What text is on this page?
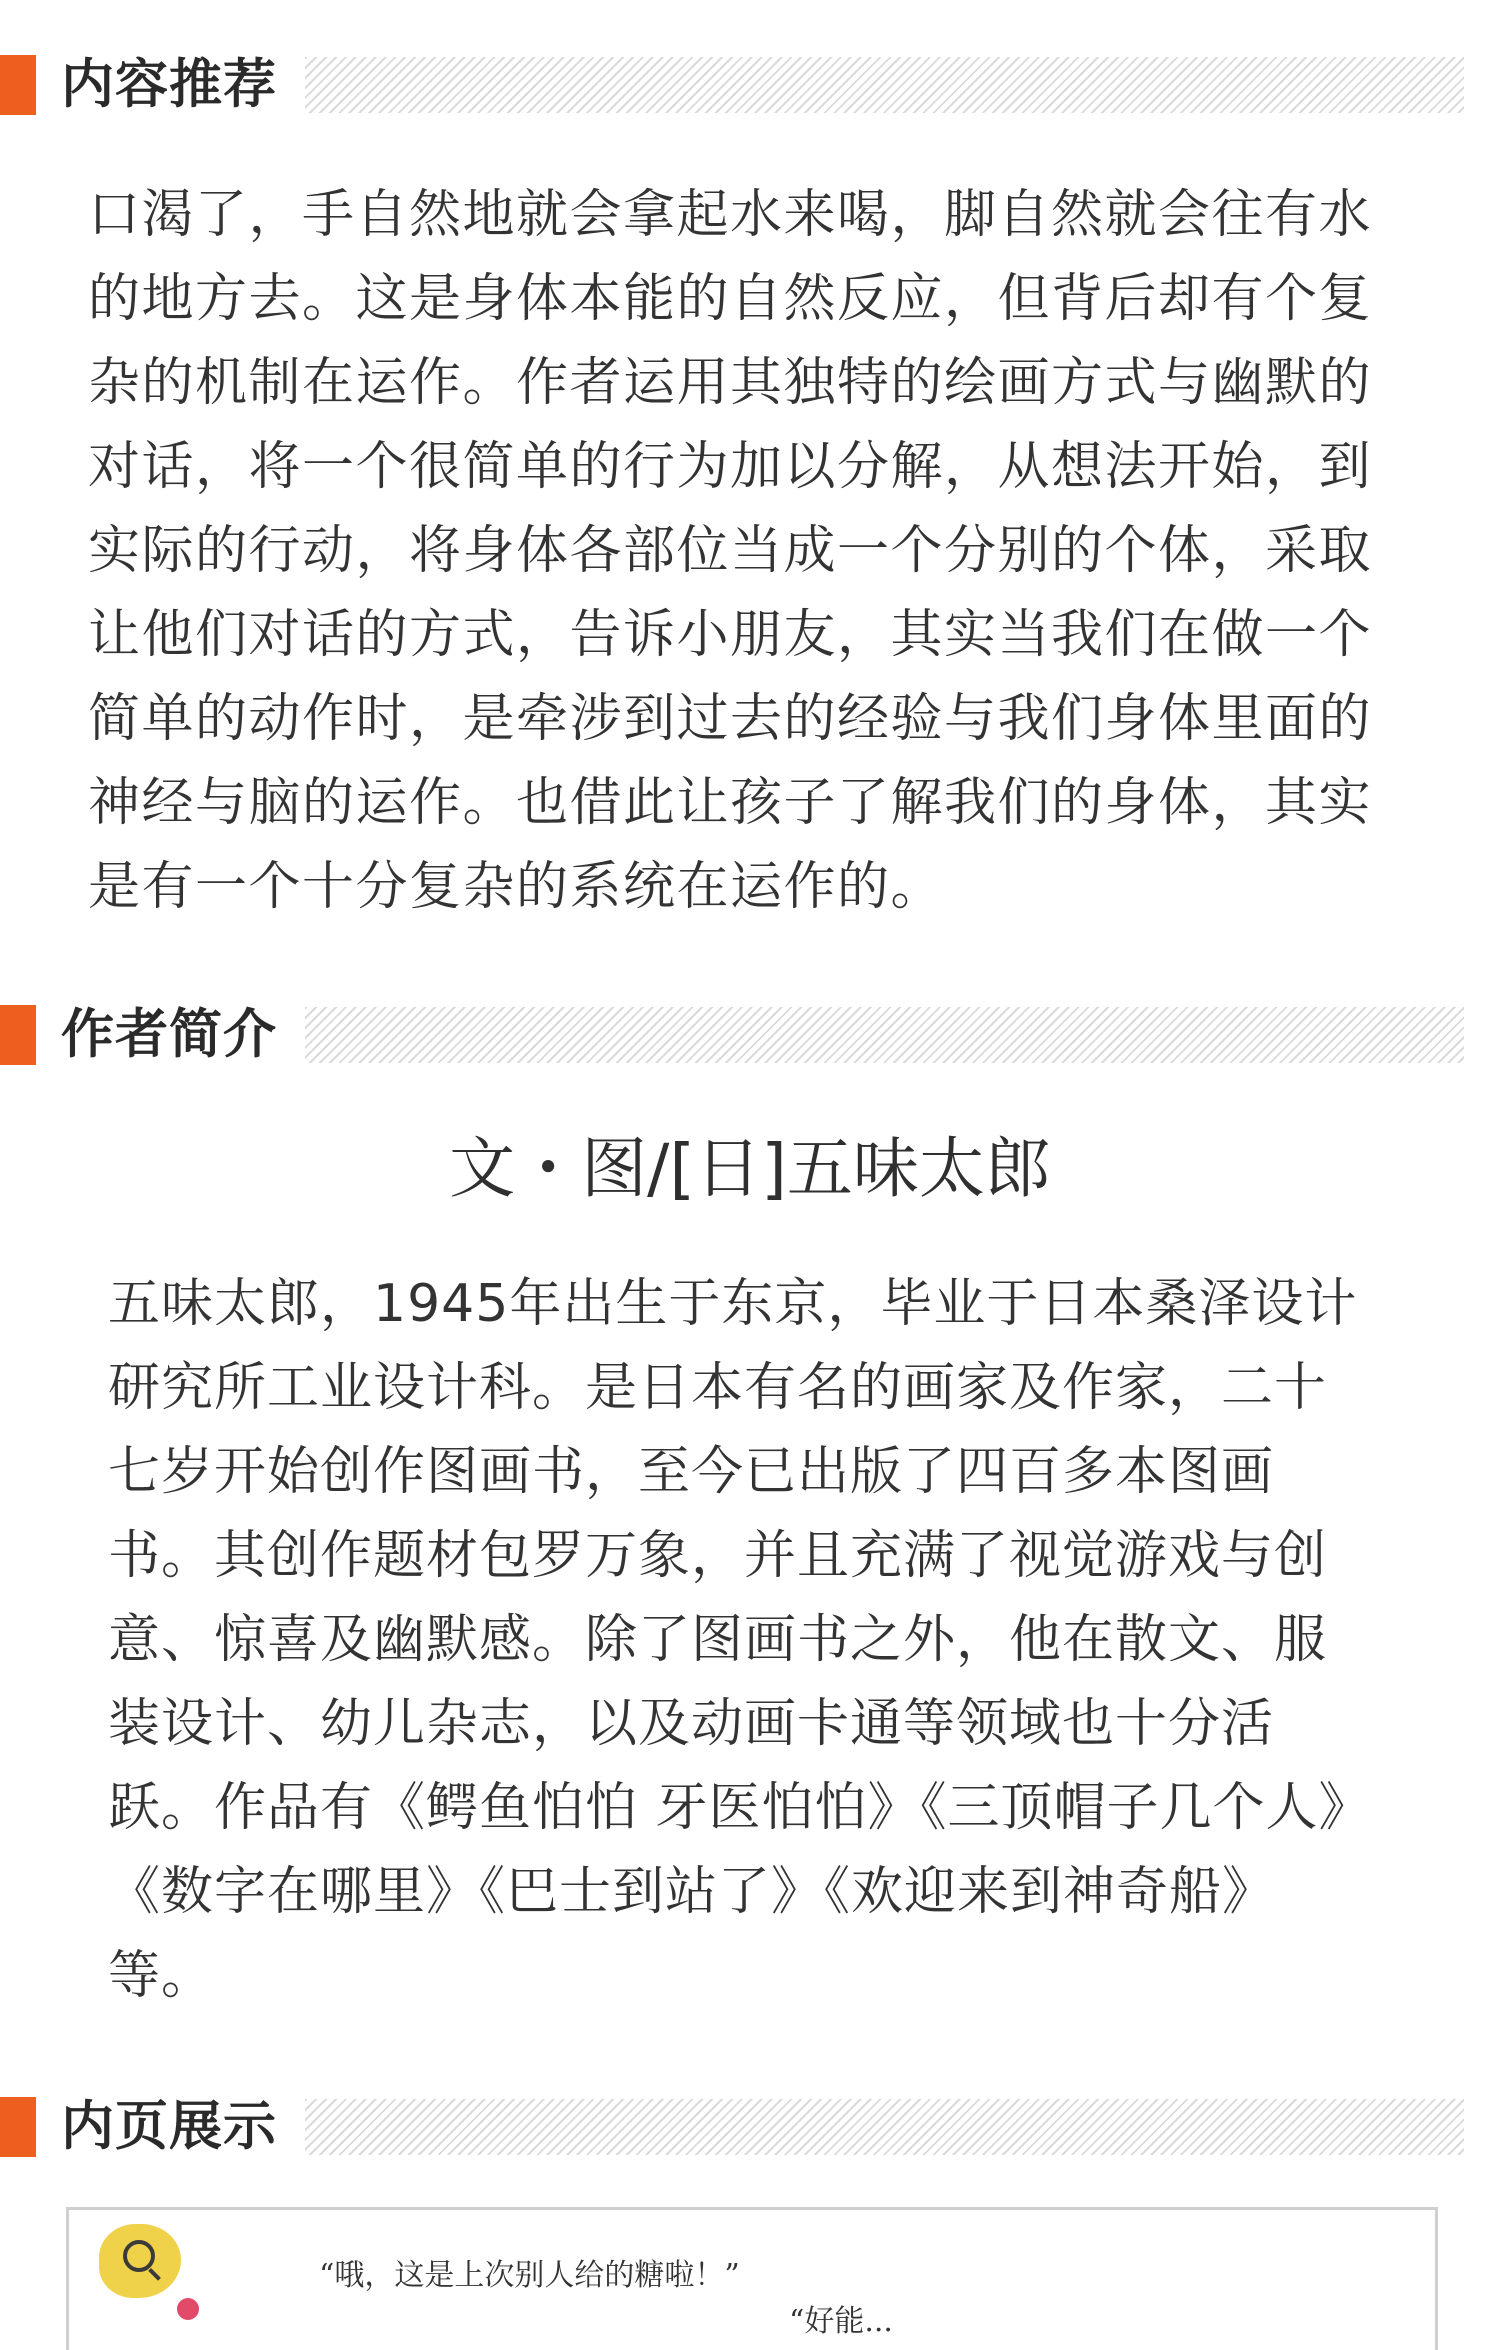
内容推荐

口渴了，手自然地就会拿起水来喝，脚自然就会往有水的地方去。这是身体本能的自然反应，但背后却有个复杂的机制在运作。作者运用其独特的绘画方式与幽默的对话，将一个很简单的行为加以分解，从想法开始，到实际的行动，将身体各部位当成一个分别的个体，采取让他们对话的方式，告诉小朋友，其实当我们在做一个简单的动作时，是牵涉到过去的经验与我们身体里面的神经与脑的运作。也借此让孩子了解我们的身体，其实是有一个十分复杂的系统在运作的。

作者简介
文・图/[日]五味太郎

五味太郎，1945年出生于东京，毕业于日本桑泽设计研究所工业设计科。是日本有名的画家及作家，二十七岁开始创作图画书，至今已出版了四百多本图画书。其创作题材包罗万象，并且充满了视觉游戏与创意、惊喜及幽默感。除了图画书之外，他在散文、服装设计、幼儿杂志，以及动画卡通等领域也十分活跃。作品有《鳄鱼怕怕 牙医怕怕》《三顶帽子几个人》《数字在哪里》《巴士到站了》《欢迎来到神奇船》等。

内页展示
“哦，这是上次别人给的糖啦！”
“好能...
